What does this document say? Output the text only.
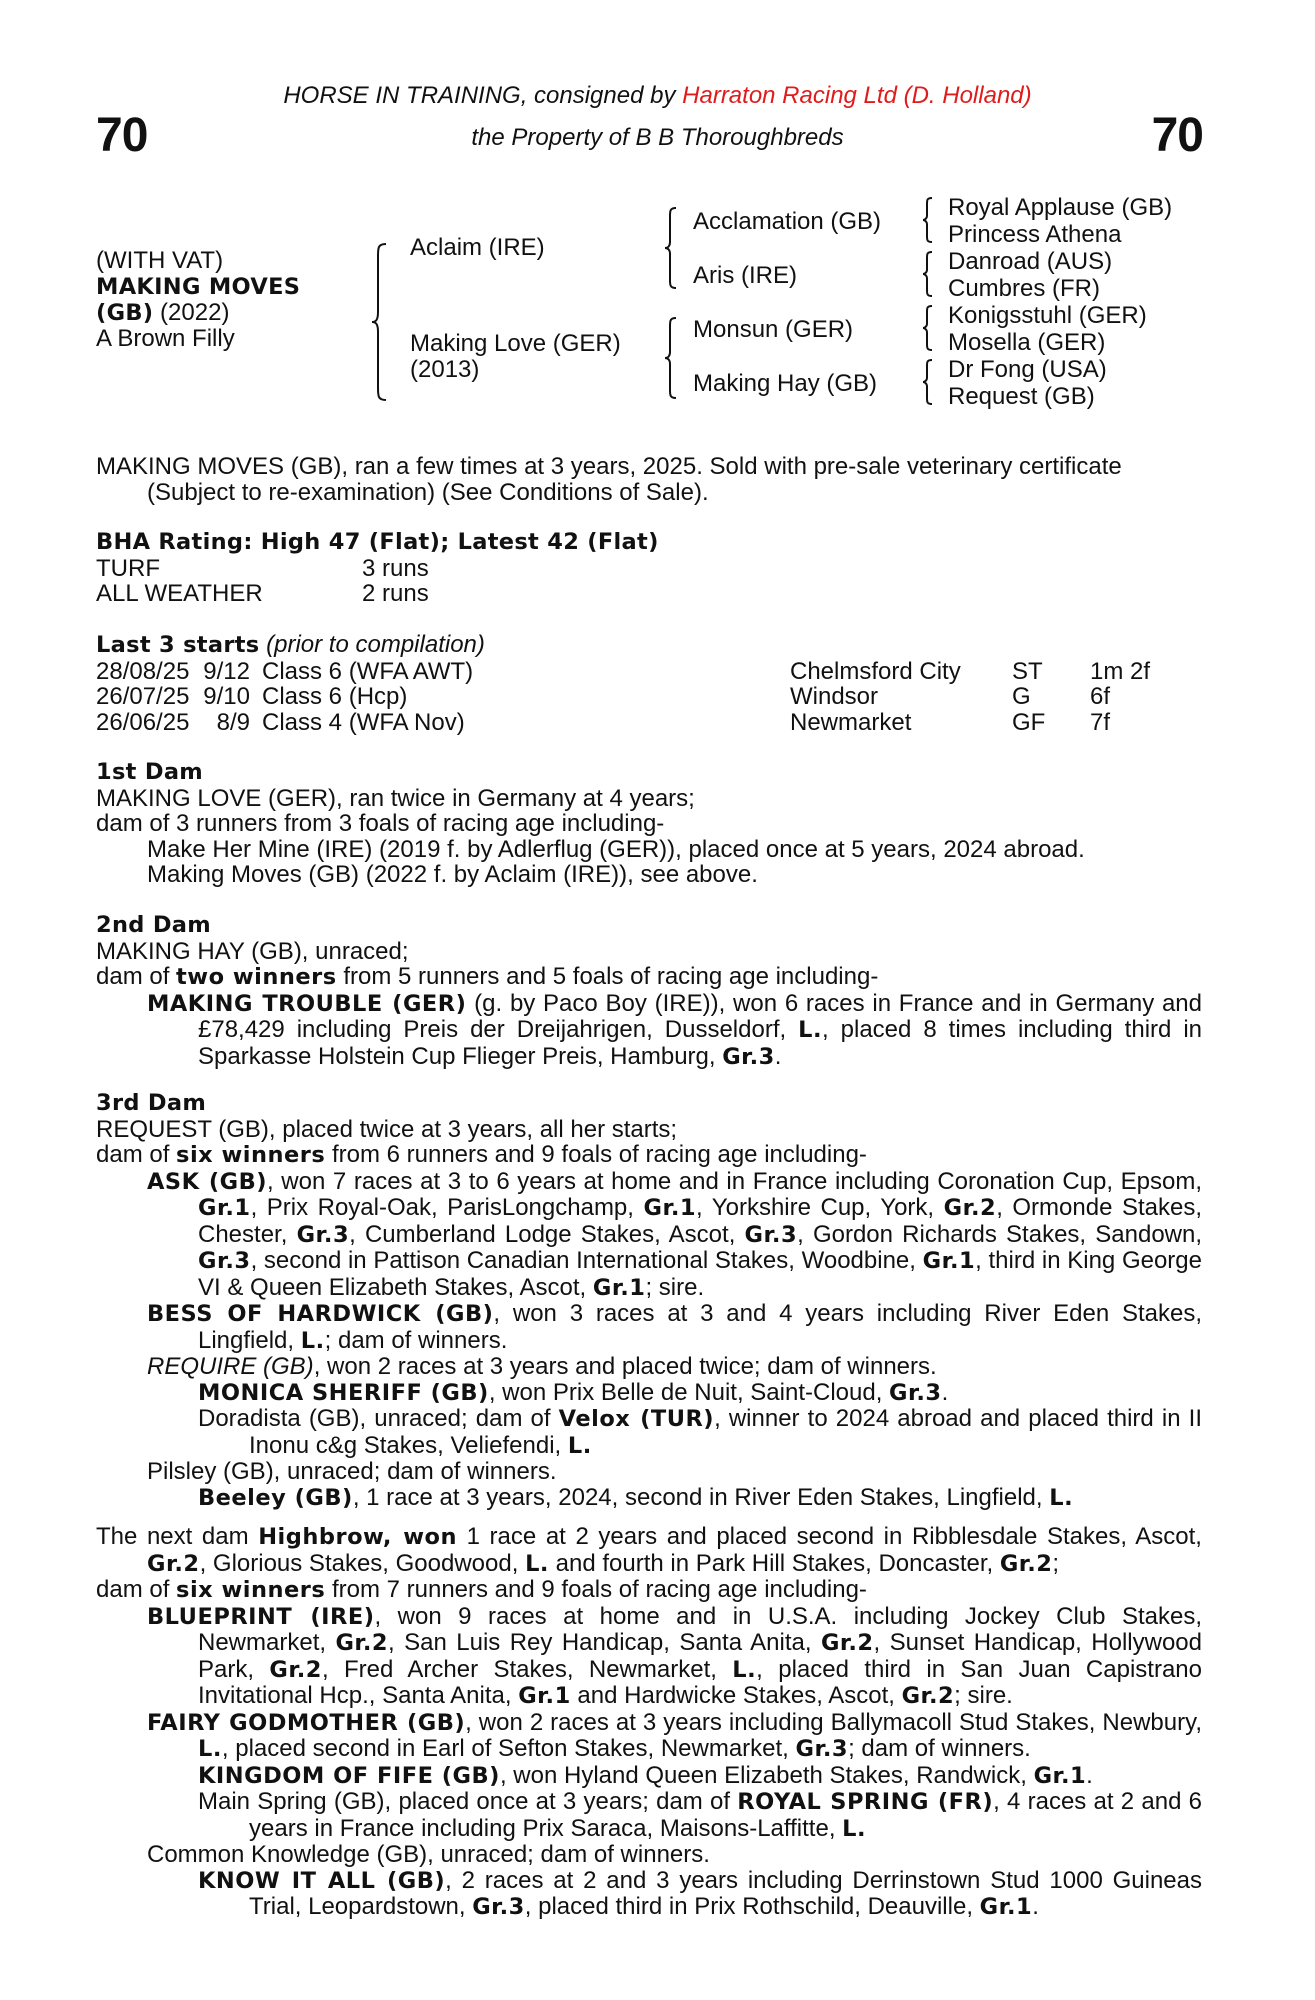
70	70
HORSE IN TRAINING, consigned by Harraton Racing Ltd (D. Holland)
the Property of B B Thoroughbreds
(WITH VAT)
MAKING MOVES
(GB) (2022)
A Brown Filly
Aclaim (IRE)
Making Love (GER)
(2013)
Acclamation (GB)
Aris (IRE)
Monsun (GER)
Making Hay (GB)
Royal Applause (GB)
Princess Athena
Danroad (AUS)
Cumbres (FR)
Konigsstuhl (GER)
Mosella (GER)
Dr Fong (USA)
Request (GB)

MAKING MOVES (GB), ran a few times at 3 years, 2025. Sold with pre-sale veterinary certificate

(Subject to re-examination) (See Conditions of Sale).

BHA Rating: High 47 (Flat); Latest 42 (Flat)

TURF	3 runs
ALL WEATHER	2 runs

Last 3 starts (prior to compilation)

28/08/25	9/12	Class 6 (WFA AWT)	Chelmsford City	ST	1m 2f
26/07/25	9/10	Class 6 (Hcp)	Windsor	G	6f
26/06/25	8/9	Class 4 (WFA Nov)	Newmarket	GF	7f

1st Dam

MAKING LOVE (GER), ran twice in Germany at 4 years;

dam of 3 runners from 3 foals of racing age including-

Make Her Mine (IRE) (2019 f. by Adlerflug (GER)), placed once at 5 years, 2024 abroad.

Making Moves (GB) (2022 f. by Aclaim (IRE)), see above.

2nd Dam

MAKING HAY (GB), unraced;

dam of two winners from 5 runners and 5 foals of racing age including-

MAKING TROUBLE (GER) (g. by Paco Boy (IRE)), won 6 races in France and in Germany and £78,429 including Preis der Dreijahrigen, Dusseldorf, L., placed 8 times including third in Sparkasse Holstein Cup Flieger Preis, Hamburg, Gr.3.

3rd Dam

REQUEST (GB), placed twice at 3 years, all her starts;

dam of six winners from 6 runners and 9 foals of racing age including-

ASK (GB), won 7 races at 3 to 6 years at home and in France including Coronation Cup, Epsom, Gr.1, Prix Royal-Oak, ParisLongchamp, Gr.1, Yorkshire Cup, York, Gr.2, Ormonde Stakes, Chester, Gr.3, Cumberland Lodge Stakes, Ascot, Gr.3, Gordon Richards Stakes, Sandown, Gr.3, second in Pattison Canadian International Stakes, Woodbine, Gr.1, third in King George VI & Queen Elizabeth Stakes, Ascot, Gr.1; sire.

BESS OF HARDWICK (GB), won 3 races at 3 and 4 years including River Eden Stakes, Lingfield, L.; dam of winners.

REQUIRE (GB), won 2 races at 3 years and placed twice; dam of winners.

MONICA SHERIFF (GB), won Prix Belle de Nuit, Saint-Cloud, Gr.3.

Doradista (GB), unraced; dam of Velox (TUR), winner to 2024 abroad and placed third in II Inonu c&g Stakes, Veliefendi, L.

Pilsley (GB), unraced; dam of winners.

Beeley (GB), 1 race at 3 years, 2024, second in River Eden Stakes, Lingfield, L.

The next dam Highbrow, won 1 race at 2 years and placed second in Ribblesdale Stakes, Ascot, Gr.2, Glorious Stakes, Goodwood, L. and fourth in Park Hill Stakes, Doncaster, Gr.2;

dam of six winners from 7 runners and 9 foals of racing age including-

BLUEPRINT (IRE), won 9 races at home and in U.S.A. including Jockey Club Stakes, Newmarket, Gr.2, San Luis Rey Handicap, Santa Anita, Gr.2, Sunset Handicap, Hollywood Park, Gr.2, Fred Archer Stakes, Newmarket, L., placed third in San Juan Capistrano Invitational Hcp., Santa Anita, Gr.1 and Hardwicke Stakes, Ascot, Gr.2; sire.

FAIRY GODMOTHER (GB), won 2 races at 3 years including Ballymacoll Stud Stakes, Newbury, L., placed second in Earl of Sefton Stakes, Newmarket, Gr.3; dam of winners.

KINGDOM OF FIFE (GB), won Hyland Queen Elizabeth Stakes, Randwick, Gr.1.

Main Spring (GB), placed once at 3 years; dam of ROYAL SPRING (FR), 4 races at 2 and 6 years in France including Prix Saraca, Maisons-Laffitte, L.

Common Knowledge (GB), unraced; dam of winners.

KNOW IT ALL (GB), 2 races at 2 and 3 years including Derrinstown Stud 1000 Guineas Trial, Leopardstown, Gr.3, placed third in Prix Rothschild, Deauville, Gr.1.
